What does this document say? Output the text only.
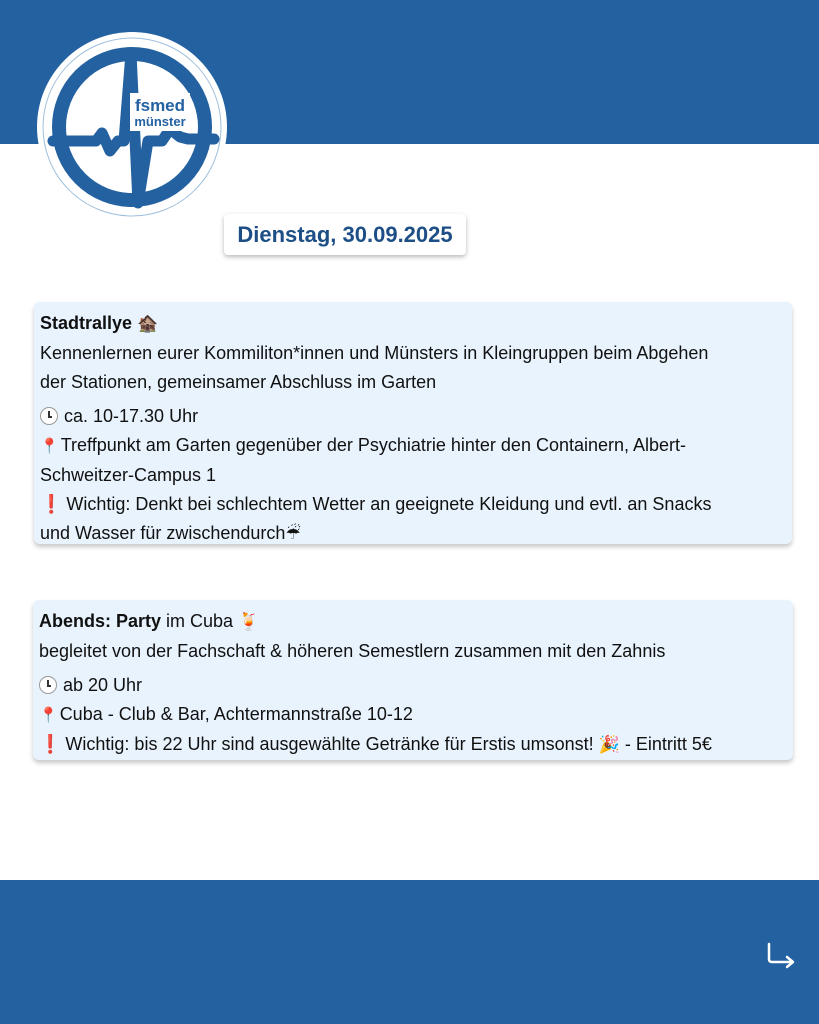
fsmed
münster
Dienstag, 30.09.2025
Stadtrallye 🏚️
Kennenlernen eurer Kommiliton*innen und Münsters in Kleingruppen beim Abgehen
der Stationen, gemeinsamer Abschluss im Garten
ca. 10-17.30 Uhr
📍 Treffpunkt am Garten gegenüber der Psychiatrie hinter den Containern, Albert-
Schweitzer-Campus 1
❗ Wichtig: Denkt bei schlechtem Wetter an geeignete Kleidung und evtl. an Snacks
und Wasser für zwischendurch☔
Abends: Party im Cuba 🍹
begleitet von der Fachschaft & höheren Semestlern zusammen mit den Zahnis
ab 20 Uhr
📍 Cuba - Club & Bar, Achtermannstraße 10-12
❗ Wichtig: bis 22 Uhr sind ausgewählte Getränke für Erstis umsonst! 🎉 - Eintritt 5€
